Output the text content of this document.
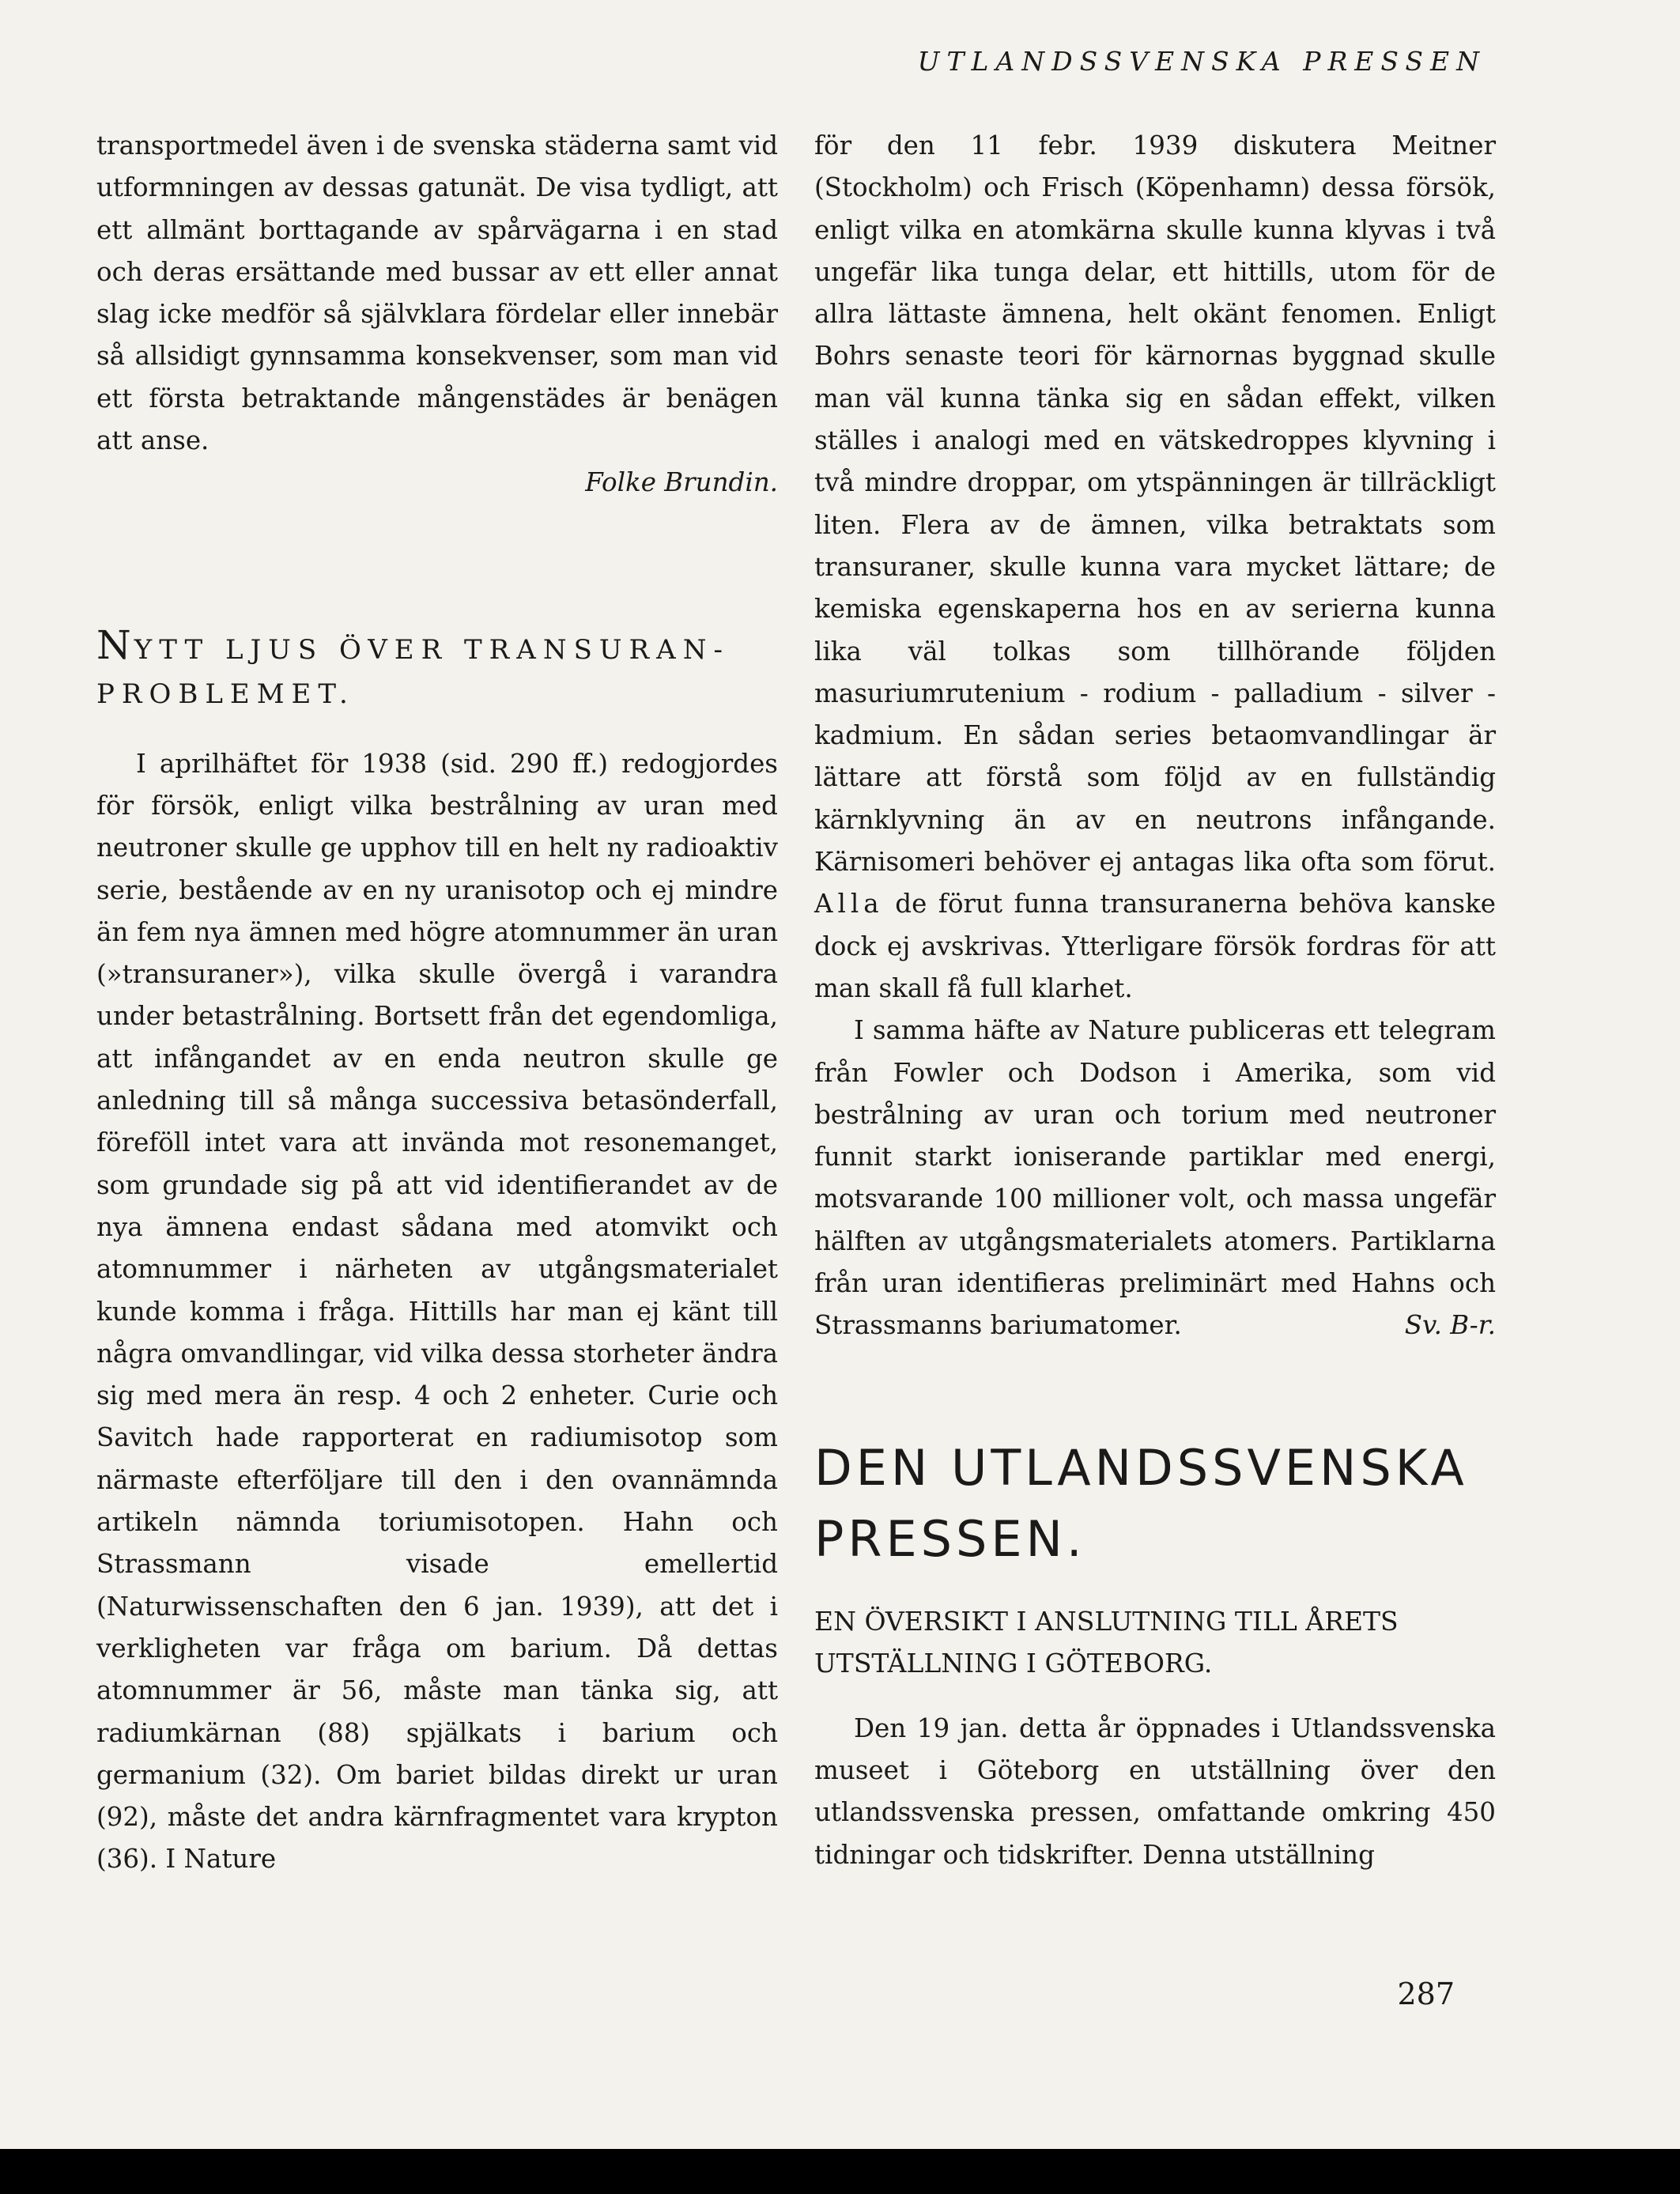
UTLANDSSVENSKA PRESSEN

transportmedel även i de svenska städerna samt vid utformningen av dessas gatunät. De visa tydligt, att ett allmänt borttagande av spårvägarna i en stad och deras ersättande med bussar av ett eller annat slag icke medför så självklara fördelar eller innebär så allsidigt gynnsamma konsekvenser, som man vid ett första betraktande mångenstädes är benägen att anse.

Folke Brundin.

NYTT LJUS ÖVER TRANSURAN-PROBLEMET.

I aprilhäftet för 1938 (sid. 290 ff.) redogjordes för försök, enligt vilka bestrålning av uran med neutroner skulle ge upphov till en helt ny radioaktiv serie, bestående av en ny uranisotop och ej mindre än fem nya ämnen med högre atomnummer än uran (»transuraner»), vilka skulle övergå i varandra under betastrålning. Bortsett från det egendomliga, att infångandet av en enda neutron skulle ge anledning till så många successiva betasönderfall, föreföll intet vara att invända mot resonemanget, som grundade sig på att vid identifierandet av de nya ämnena endast sådana med atomvikt och atomnummer i närheten av utgångsmaterialet kunde komma i fråga. Hittills har man ej känt till några omvandlingar, vid vilka dessa storheter ändra sig med mera än resp. 4 och 2 enheter. Curie och Savitch hade rapporterat en radiumisotop som närmaste efterföljare till den i den ovannämnda artikeln nämnda toriumisotopen. Hahn och Strassmann visade emellertid (Naturwissenschaften den 6 jan. 1939), att det i verkligheten var fråga om barium. Då dettas atomnummer är 56, måste man tänka sig, att radiumkärnan (88) spjälkats i barium och germanium (32). Om bariet bildas direkt ur uran (92), måste det andra kärnfragmentet vara krypton (36). I Nature

för den 11 febr. 1939 diskutera Meitner (Stockholm) och Frisch (Köpenhamn) dessa försök, enligt vilka en atomkärna skulle kunna klyvas i två ungefär lika tunga delar, ett hittills, utom för de allra lättaste ämnena, helt okänt fenomen. Enligt Bohrs senaste teori för kärnornas byggnad skulle man väl kunna tänka sig en sådan effekt, vilken ställes i analogi med en vätskedroppes klyvning i två mindre droppar, om ytspänningen är tillräckligt liten. Flera av de ämnen, vilka betraktats som transuraner, skulle kunna vara mycket lättare; de kemiska egenskaperna hos en av serierna kunna lika väl tolkas som tillhörande följden masuriumrutenium - rodium - palladium - silver - kadmium. En sådan series betaomvandlingar är lättare att förstå som följd av en fullständig kärnklyvning än av en neutrons infångande. Kärnisomeri behöver ej antagas lika ofta som förut. Alla de förut funna transuranerna behöva kanske dock ej avskrivas. Ytterligare försök fordras för att man skall få full klarhet.

I samma häfte av Nature publiceras ett telegram från Fowler och Dodson i Amerika, som vid bestrålning av uran och torium med neutroner funnit starkt ioniserande partiklar med energi, motsvarande 100 millioner volt, och massa ungefär hälften av utgångsmaterialets atomers. Partiklarna från uran identifieras preliminärt med Hahns och Strassmanns bariumatomer.	Sv. B-r.

DEN UTLANDSSVENSKA PRESSEN.
EN ÖVERSIKT I ANSLUTNING TILL ÅRETS UTSTÄLLNING I GÖTEBORG.

Den 19 jan. detta år öppnades i Utlandssvenska museet i Göteborg en utställning över den utlandssvenska pressen, omfattande omkring 450 tidningar och tidskrifter. Denna utställning

287
